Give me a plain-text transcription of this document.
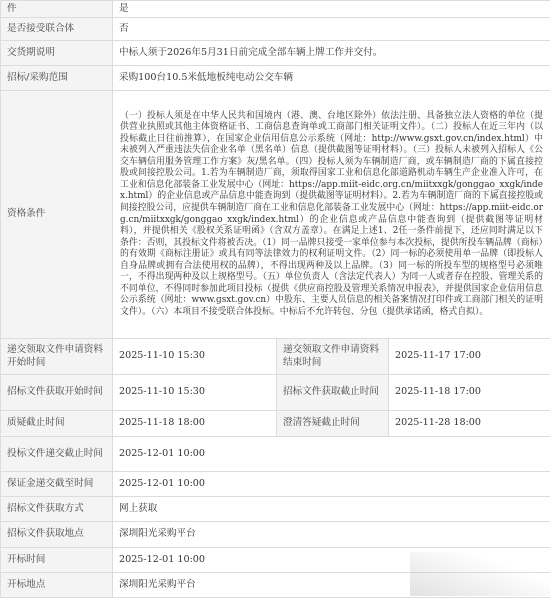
件	是		
是否接受联合体	否		
交货期说明	中标人须于2026年5月31日前完成全部车辆上牌工作并交付。		
招标/采购范围	采购100台10.5米低地板纯电动公交车辆		
资格条件	（一）投标人须是在中华人民共和国境内（港、澳、台地区除外）依法注册、具备独立法人资格的单位（提供营业执照或其他主体资格证书、工商信息查询单或工商部门相关证明文件）。（二）投标人在近三年内（以投标截止日往前推算），在国家企业信用信息公示系统（网址：http://www.gsxt.gov.cn/index.html）中未被列入严重违法失信企业名单（黑名单）信息（提供截图等证明材料）。（三）投标人未被列入招标人《公交车辆信用服务管理工作方案》灰/黑名单。（四）投标人须为车辆制造厂商，或车辆制造厂商的下属直接控股或间接控股公司。1.若为车辆制造厂商，须取得国家工业和信息化部道路机动车辆生产企业准入许可，在工业和信息化部装备工业发展中心（网址：https://app.miit-eidc.org.cn/miitxxgk/gonggao_xxgk/index.html）的企业信息或产品信息中能查询到（提供截图等证明材料）。2.若为车辆制造厂商的下属直接控股或间接控股公司，应提供车辆制造厂商在工业和信息化部装备工业发展中心（网址：https://app.miit-eidc.org.cn/miitxxgk/gonggao_xxgk/index.html）的企业信息或产品信息中能查询到（提供截图等证明材料），并提供相关《股权关系证明函》（含双方盖章）。在满足上述1、2任一条件前提下，还应同时满足以下条件：否则，其投标文件将被否决。（1）同一品牌只接受一家单位参与本次投标，提供所投车辆品牌（商标）的有效期《商标注册证》或具有同等法律效力的权利证明文件。（2）同一标的必须使用单一品牌（即投标人自身品牌或拥有合法使用权的品牌），不得出现两种及以上品牌。（3）同一标的所投车型的规格型号必须唯一，不得出现两种及以上规格型号。（五）单位负责人（含法定代表人）为同一人或者存在控股、管理关系的不同单位，不得同时参加此项目投标（提供《供应商控股及管理关系情况申报表》，并提供国家企业信用信息公示系统（网址：www.gsxt.gov.cn）中股东、主要人员信息的相关备案情况打印件或工商部门相关的证明文件）。（六）本项目不接受联合体投标。中标后不允许转包、分包（提供承诺函，格式自拟）。		
递交领取文件申请资料开始时间	2025-11-10 15:30	递交领取文件申请资料结束时间	2025-11-17 17:00
招标文件获取开始时间	2025-11-10 15:30	招标文件获取截止时间	2025-11-18 17:00
质疑截止时间	2025-11-18 18:00	澄清答疑截止时间	2025-11-28 18:00
投标文件递交截止时间	2025-12-01 10:00		
保证金递交截至时间	2025-12-01 10:00		
招标文件获取方式	网上获取		
招标文件获取地点	深圳阳光采购平台		
开标时间	2025-12-01 10:00		
开标地点	深圳阳光采购平台		
